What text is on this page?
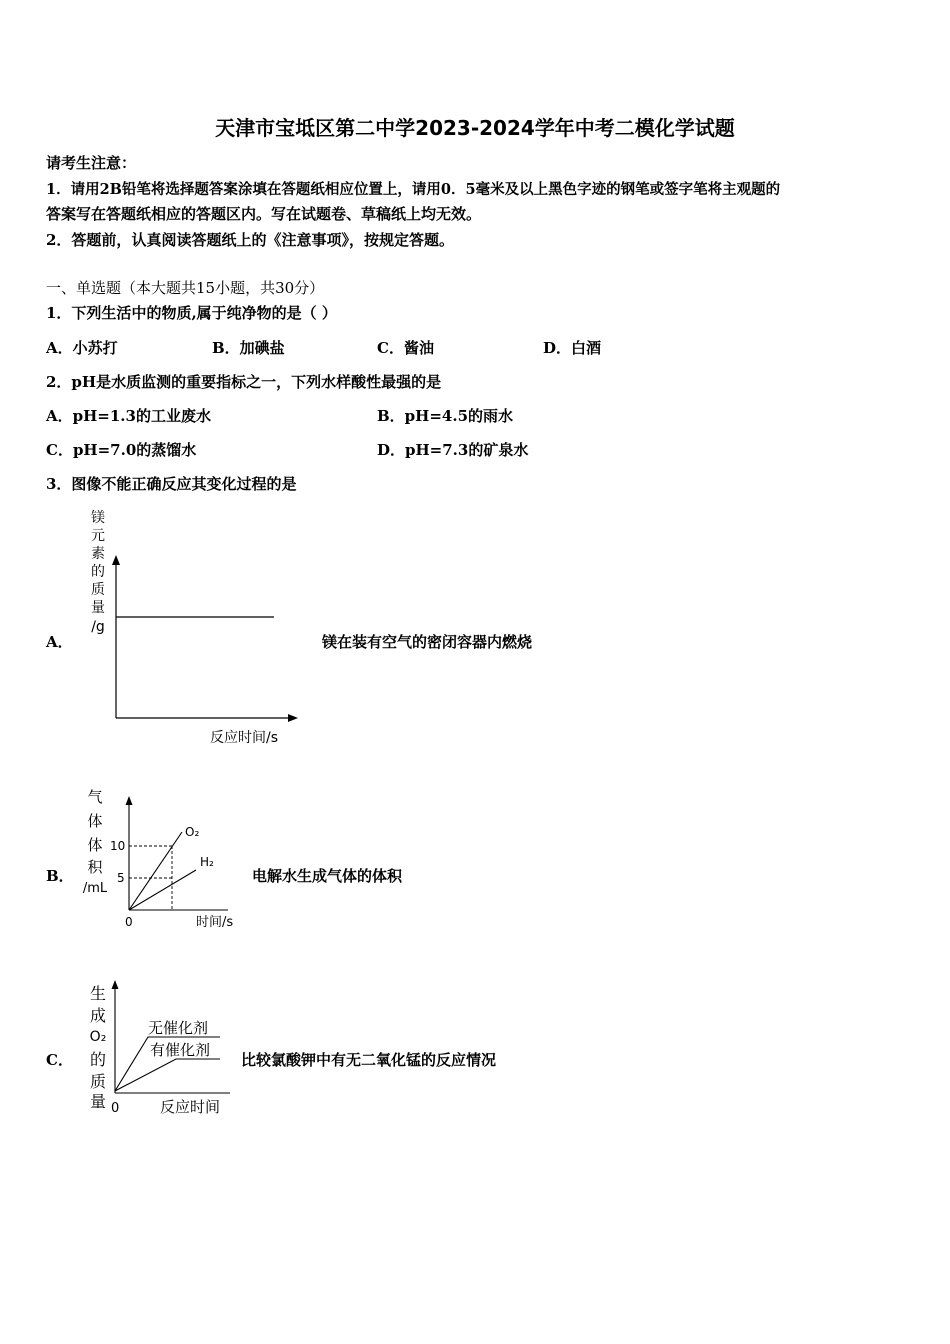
天津市宝坻区第二中学2023-2024学年中考二模化学试题
请考生注意：
1．请用2B铅笔将选择题答案涂填在答题纸相应位置上，请用0．5毫米及以上黑色字迹的钢笔或签字笔将主观题的
答案写在答题纸相应的答题区内。写在试题卷、草稿纸上均无效。
2．答题前，认真阅读答题纸上的《注意事项》，按规定答题。
一、单选题（本大题共15小题，共30分）
1．下列生活中的物质,属于纯净物的是（ ）
A．小苏打	B．加碘盐	C．酱油	D．白酒
2．pH是水质监测的重要指标之一，下列水样酸性最强的是
A．pH=1.3的工业废水	B．pH=4.5的雨水
C．pH=7.0的蒸馏水	D．pH=7.3的矿泉水
3．图像不能正确反应其变化过程的是
A．
镁
元
素
的
质
量
/g
反应时间/s
镁在装有空气的密闭容器内燃烧
B．
气
体
体
积
/mL
O₂
H₂
10
5
0	时间/s
电解水生成气体的体积
C．
生
成
O₂
的
质
量
无催化剂
有催化剂
0	反应时间
比较氯酸钾中有无二氧化锰的反应情况
